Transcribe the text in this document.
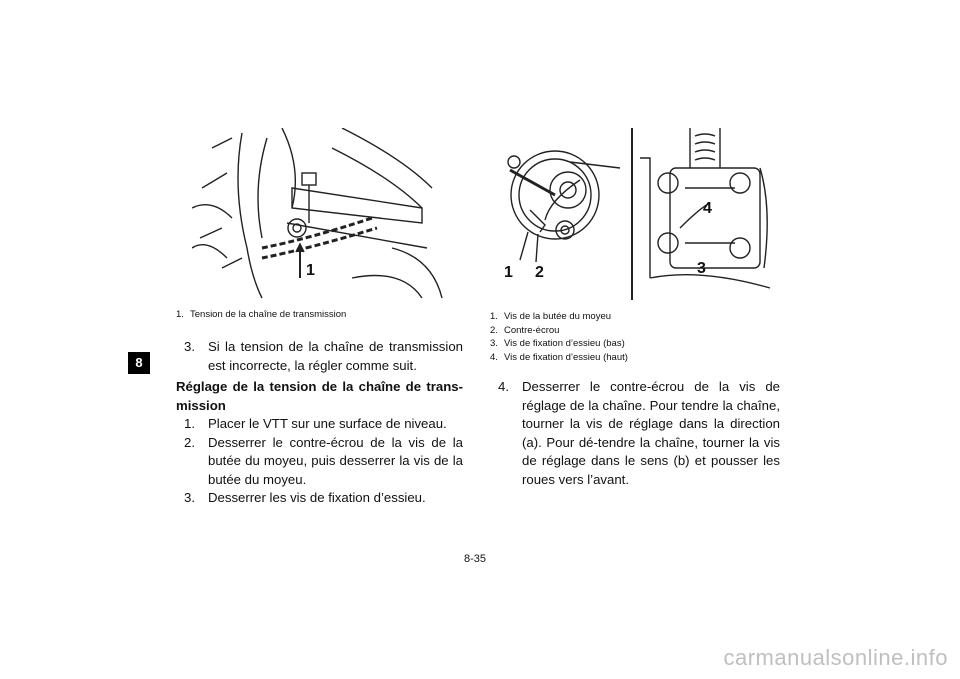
8
1
1. Tension de la chaîne de transmission
3. Si la tension de la chaîne de transmission est incorrecte, la régler comme suit.
Réglage de la tension de la chaîne de trans-mission
1. Placer le VTT sur une surface de niveau.
2. Desserrer le contre-écrou de la vis de la butée du moyeu, puis desserrer la vis de la butée du moyeu.
3. Desserrer les vis de fixation d’essieu.
1 2
4
3
1. Vis de la butée du moyeu
2. Contre-écrou
3. Vis de fixation d’essieu (bas)
4. Vis de fixation d’essieu (haut)
4. Desserrer le contre-écrou de la vis de réglage de la chaîne. Pour tendre la chaîne, tourner la vis de réglage dans la direction (a). Pour dé-tendre la chaîne, tourner la vis de réglage dans le sens (b) et pousser les roues vers l’avant.
8-35
carmanualsonline.info
